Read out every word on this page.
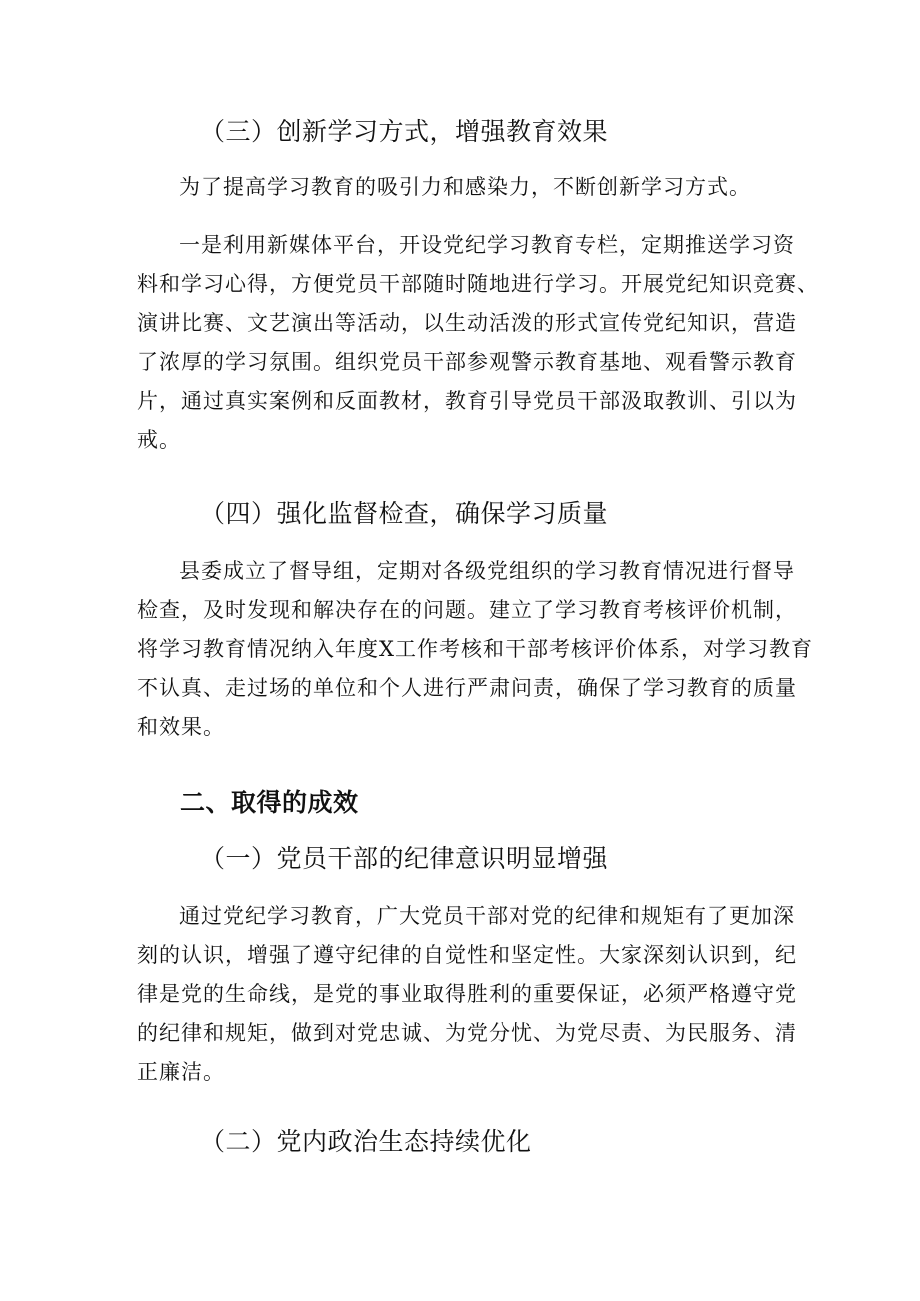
（三）创新学习方式，增强教育效果
为了提高学习教育的吸引力和感染力，不断创新学习方式。
一是利用新媒体平台，开设党纪学习教育专栏，定期推送学习资
料和学习心得，方便党员干部随时随地进行学习。开展党纪知识竞赛、
演讲比赛、文艺演出等活动，以生动活泼的形式宣传党纪知识，营造
了浓厚的学习氛围。组织党员干部参观警示教育基地、观看警示教育
片，通过真实案例和反面教材，教育引导党员干部汲取教训、引以为
戒。
（四）强化监督检查，确保学习质量
县委成立了督导组，定期对各级党组织的学习教育情况进行督导
检查，及时发现和解决存在的问题。建立了学习教育考核评价机制，
将学习教育情况纳入年度X工作考核和干部考核评价体系，对学习教育
不认真、走过场的单位和个人进行严肃问责，确保了学习教育的质量
和效果。
二、取得的成效
（一）党员干部的纪律意识明显增强
通过党纪学习教育，广大党员干部对党的纪律和规矩有了更加深
刻的认识，增强了遵守纪律的自觉性和坚定性。大家深刻认识到，纪
律是党的生命线，是党的事业取得胜利的重要保证，必须严格遵守党
的纪律和规矩，做到对党忠诚、为党分忧、为党尽责、为民服务、清
正廉洁。
（二）党内政治生态持续优化
